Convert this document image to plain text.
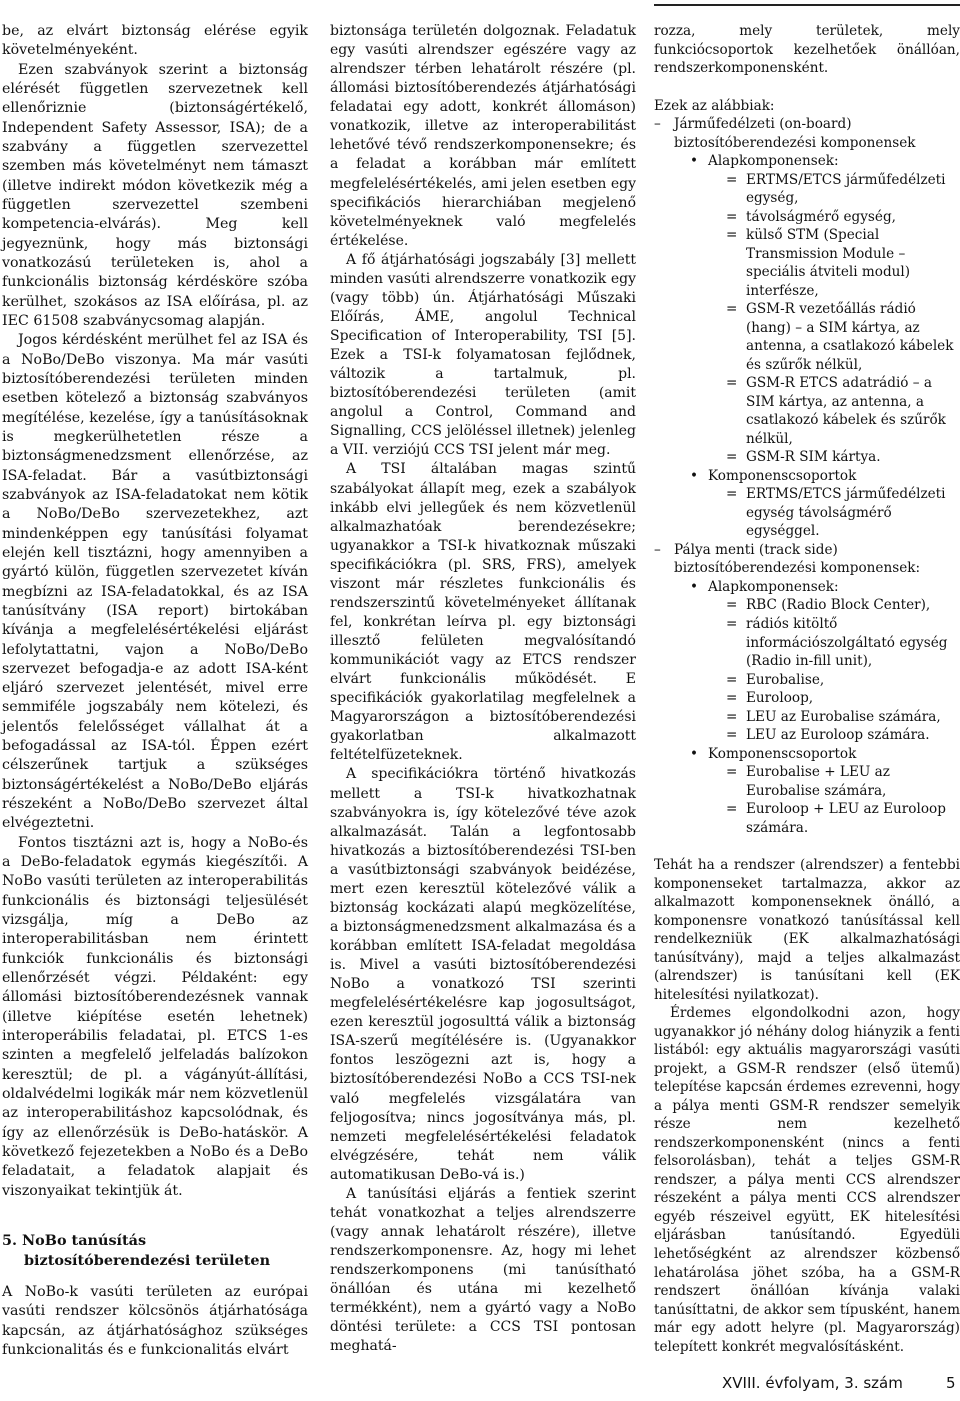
be, az elvárt biztonság elérése egyik követelményeként.

Ezen szabványok szerint a biztonság elérését független szervezetnek kell ellenőriznie (biztonságértékelő, Independent Safety Assessor, ISA); de a szabvány a független szervezettel szemben más követelményt nem támaszt (illetve indirekt módon következik még a független szervezettel szembeni kompetencia-elvárás). Meg kell jegyeznünk, hogy más biztonsági vonatkozású területeken is, ahol a funkcionális biztonság kérdésköre szóba kerülhet, szokásos az ISA előírása, pl. az IEC 61508 szabványcsomag alapján.

Jogos kérdésként merülhet fel az ISA és a NoBo/DeBo viszonya. Ma már vasúti biztosítóberendezési területen minden esetben kötelező a biztonság szabványos megítélése, kezelése, így a tanúsításoknak is megkerülhetetlen része a biztonságmenedzsment ellenőrzése, az ISA-feladat. Bár a vasútbiztonsági szabványok az ISA-feladatokat nem kötik a NoBo/DeBo szervezetekhez, azt mindenképpen egy tanúsítási folyamat elején kell tisztázni, hogy amennyiben a gyártó külön, független szervezetet kíván megbízni az ISA-feladatokkal, és az ISA tanúsítvány (ISA report) birtokában kívánja a megfelelésértékelési eljárást lefolytattatni, vajon a NoBo/DeBo szervezet befogadja-e az adott ISA-ként eljáró szervezet jelentését, mivel erre semmiféle jogszabály nem kötelezi, és jelentős felelősséget vállalhat át a befogadással az ISA-tól. Éppen ezért célszerűnek tartjuk a szükséges biztonságértékelést a NoBo/DeBo eljárás részeként a NoBo/DeBo szervezet által elvégeztetni.

Fontos tisztázni azt is, hogy a NoBo-és a DeBo-feladatok egymás kiegészítői. A NoBo vasúti területen az interoperabilitás funkcionális és biztonsági teljesülését vizsgálja, míg a DeBo az interoperabilitásban nem érintett funkciók funkcionális és biztonsági ellenőrzését végzi. Példaként: egy állomási biztosítóberendezésnek vannak (illetve kiépítése esetén lehetnek) interoperábilis feladatai, pl. ETCS 1-es szinten a megfelelő jelfeladás balízokon keresztül; de pl. a vágányút-állítási, oldalvédelmi logikák már nem közvetlenül az interoperabilitáshoz kapcsolódnak, és így az ellenőrzésük is DeBo-hatáskör. A következő fejezetekben a NoBo és a DeBo feladatait, a feladatok alapjait és viszonyaikat tekintjük át.

5. NoBo tanúsítás biztosítóberendezési területen

A NoBo-k vasúti területen az európai vasúti rendszer kölcsönös átjárhatósága kapcsán, az átjárhatósághoz szükséges funkcionalitás és e funkcionalitás elvárt

biztonsága területén dolgoznak. Feladatuk egy vasúti alrendszer egészére vagy az alrendszer térben lehatárolt részére (pl. állomási biztosítóberendezés átjárhatósági feladatai egy adott, konkrét állomáson) vonatkozik, illetve az interoperabilitást lehetővé tévő rendszerkomponensekre; és a feladat a korábban már említett megfelelésértékelés, ami jelen esetben egy specifikációs hierarchiában megjelenő követelményeknek való megfelelés értékelése.

A fő átjárhatósági jogszabály [3] mellett minden vasúti alrendszerre vonatkozik egy (vagy több) ún. Átjárhatósági Műszaki Előírás, ÁME, angolul Technical Specification of Interoperability, TSI [5]. Ezek a TSI-k folyamatosan fejlődnek, változik a tartalmuk, pl. biztosítóberendezési területen (amit angolul a Control, Command and Signalling, CCS jelöléssel illetnek) jelenleg a VII. verziójú CCS TSI jelent már meg.

A TSI általában magas szintű szabályokat állapít meg, ezek a szabályok inkább elvi jellegűek és nem közvetlenül alkalmazhatóak berendezésekre; ugyanakkor a TSI-k hivatkoznak műszaki specifikációkra (pl. SRS, FRS), amelyek viszont már részletes funkcionális és rendszerszintű követelményeket állítanak fel, konkrétan leírva pl. egy biztonsági illesztő felületen megvalósítandó kommunikációt vagy az ETCS rendszer elvárt funkcionális működését. E specifikációk gyakorlatilag megfelelnek a Magyarországon a biztosítóberendezési gyakorlatban alkalmazott feltételfüzeteknek.

A specifikációkra történő hivatkozás mellett a TSI-k hivatkozhatnak szabványokra is, így kötelezővé téve azok alkalmazását. Talán a legfontosabb hivatkozás a biztosítóberendezési TSI-ben a vasútbiztonsági szabványok beidézése, mert ezen keresztül kötelezővé válik a biztonság kockázati alapú megközelítése, a biztonságmenedzsment alkalmazása és a korábban említett ISA-feladat megoldása is. Mivel a vasúti biztosítóberendezési NoBo a vonatkozó TSI szerinti megfelelésértékelésre kap jogosultságot, ezen keresztül jogosulttá válik a biztonság ISA-szerű megítélésére is. (Ugyanakkor fontos leszögezni azt is, hogy a biztosítóberendezési NoBo a CCS TSI-nek való megfelelés vizsgálatára van feljogosítva; nincs jogosítványa más, pl. nemzeti megfelelésértékelési feladatok elvégzésére, tehát nem válik automatikusan DeBo-vá is.)

A tanúsítási eljárás a fentiek szerint tehát vonatkozhat a teljes alrendszerre (vagy annak lehatárolt részére), illetve rendszerkomponensre. Az, hogy mi lehet rendszerkomponens (mi tanúsítható önállóan és utána mi kezelhető termékként), nem a gyártó vagy a NoBo döntési területe: a CCS TSI pontosan meghatá-

rozza, mely területek, mely funkciócsoportok kezelhetőek önállóan, rendszerkomponensként.

Ezek az alábbiak:

– Járműfedélzeti (on-board) biztosítóberendezési komponensek
• Alapkomponensek:
= ERTMS/ETCS járműfedélzeti egység,
= távolságmérő egység,
= külső STM (Special Transmission Module – speciális átviteli modul) interfésze,
= GSM-R vezetőállás rádió (hang) – a SIM kártya, az antenna, a csatlakozó kábelek és szűrők nélkül,
= GSM-R ETCS adatrádió – a SIM kártya, az antenna, a csatlakozó kábelek és szűrők nélkül,
= GSM-R SIM kártya.
• Komponenscsoportok
= ERTMS/ETCS járműfedélzeti egység távolságmérő egységgel.
– Pálya menti (track side) biztosítóberendezési komponensek:
• Alapkomponensek:
= RBC (Radio Block Center),
= rádiós kitöltő információszolgáltató egység (Radio in-fill unit),
= Eurobalise,
= Euroloop,
= LEU az Eurobalise számára,
= LEU az Euroloop számára.
• Komponenscsoportok
= Eurobalise + LEU az Eurobalise számára,
= Euroloop + LEU az Euroloop számára.

Tehát ha a rendszer (alrendszer) a fentebbi komponenseket tartalmazza, akkor az alkalmazott komponenseknek önálló, a komponensre vonatkozó tanúsítással kell rendelkezniük (EK alkalmazhatósági tanúsítvány), majd a teljes alkalmazást (alrendszer) is tanúsítani kell (EK hitelesítési nyilatkozat).

Érdemes elgondolkodni azon, hogy ugyanakkor jó néhány dolog hiányzik a fenti listából: egy aktuális magyarországi vasúti projekt, a GSM-R rendszer (első ütemű) telepítése kapcsán érdemes ezrevenni, hogy a pálya menti GSM-R rendszer semelyik része nem kezelhető rendszerkomponensként (nincs a fenti felsorolásban), tehát a teljes GSM-R rendszer, a pálya menti CCS alrendszer részeként a pálya menti CCS alrendszer egyéb részeivel együtt, EK hitelesítési eljárásban tanúsítandó. Egyedüli lehetőségként az alrendszer közbenső lehatárolása jöhet szóba, ha a GSM-R rendszert önállóan kívánja valaki tanúsíttatni, de akkor sem típusként, hanem már egy adott helyre (pl. Magyarország) telepített konkrét megvalósításként.

XVIII. évfolyam, 3. szám	5
